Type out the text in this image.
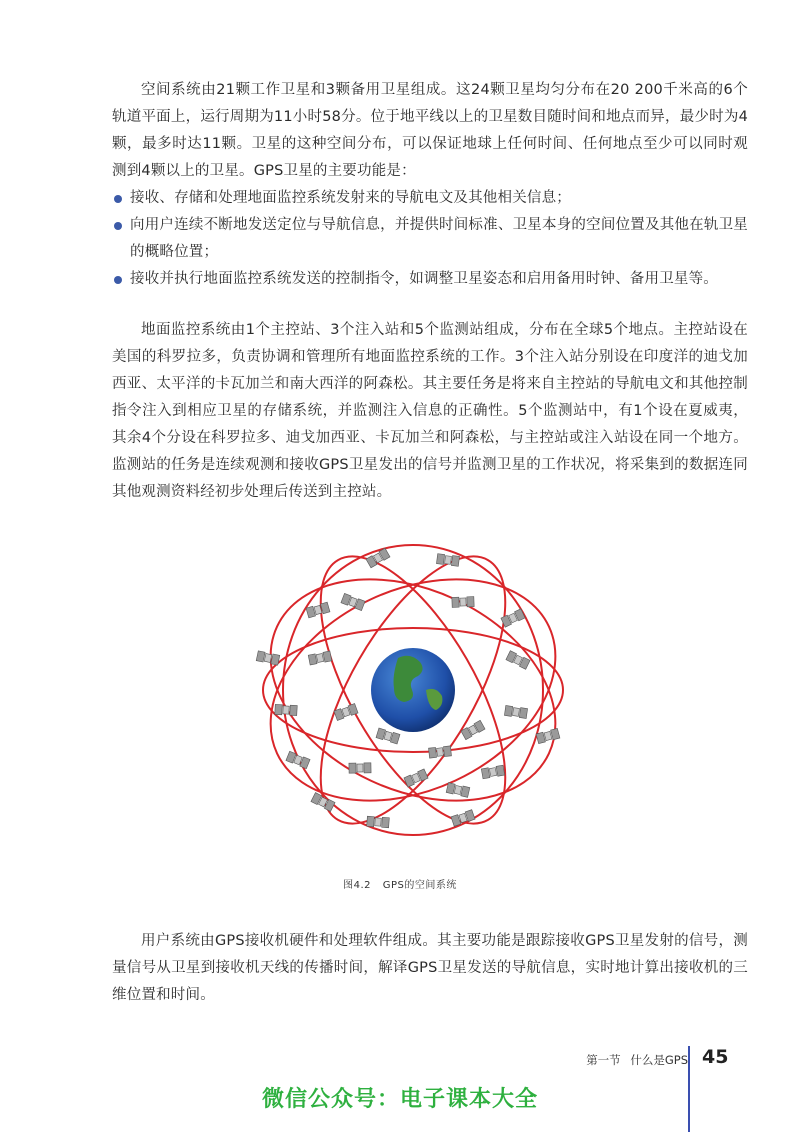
空间系统由21颗工作卫星和3颗备用卫星组成。这24颗卫星均匀分布在20 200千米高的6个轨道平面上，运行周期为11小时58分。位于地平线以上的卫星数目随时间和地点而异，最少时为4颗，最多时达11颗。卫星的这种空间分布，可以保证地球上任何时间、任何地点至少可以同时观测到4颗以上的卫星。GPS卫星的主要功能是：

接收、存储和处理地面监控系统发射来的导航电文及其他相关信息；

向用户连续不断地发送定位与导航信息，并提供时间标准、卫星本身的空间位置及其他在轨卫星的概略位置；

接收并执行地面监控系统发送的控制指令，如调整卫星姿态和启用备用时钟、备用卫星等。

地面监控系统由1个主控站、3个注入站和5个监测站组成，分布在全球5个地点。主控站设在美国的科罗拉多，负责协调和管理所有地面监控系统的工作。3个注入站分别设在印度洋的迪戈加西亚、太平洋的卡瓦加兰和南大西洋的阿森松。其主要任务是将来自主控站的导航电文和其他控制指令注入到相应卫星的存储系统，并监测注入信息的正确性。5个监测站中，有1个设在夏威夷，其余4个分设在科罗拉多、迪戈加西亚、卡瓦加兰和阿森松，与主控站或注入站设在同一个地方。监测站的任务是连续观测和接收GPS卫星发出的信号并监测卫星的工作状况，将采集到的数据连同其他观测资料经初步处理后传送到主控站。

图4.2 GPS的空间系统

用户系统由GPS接收机硬件和处理软件组成。其主要功能是跟踪接收GPS卫星发射的信号，测量信号从卫星到接收机天线的传播时间，解译GPS卫星发送的导航信息，实时地计算出接收机的三维位置和时间。

第一节 什么是GPS 45
微信公众号：电子课本大全
